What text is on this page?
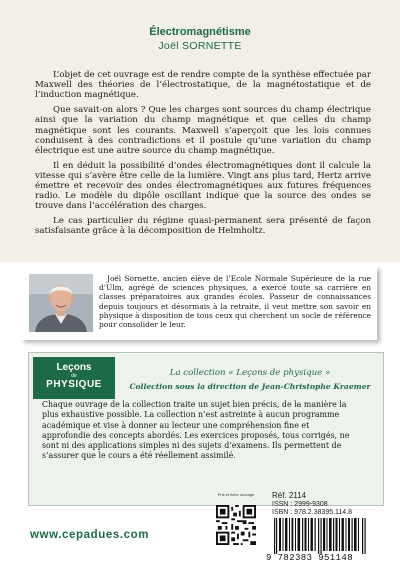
Électromagnétisme
Joël SORNETTE

L’objet de cet ouvrage est de rendre compte de la synthèse effectuée par Maxwell des théories de l’électrostatique, de la magnétostatique et de l’induction magnétique.

Que savait-on alors ? Que les charges sont sources du champ électrique ainsi que la variation du champ magnétique et que celles du champ magnétique sont les courants. Maxwell s’aperçoit que les lois connues conduisent à des contradictions et il postule qu’une variation du champ électrique est une autre source du champ magnétique.

Il en déduit la possibilité d’ondes électromagnétiques dont il calcule la vitesse qui s’avère être celle de la lumière. Vingt ans plus tard, Hertz arrive émettre et recevoir des ondes électromagnétiques aux futures fréquences radio. Le modèle du dipôle oscillant indique que la source des ondes se trouve dans l’accélération des charges.

Le cas particulier du régime quasi-permanent sera présenté de façon satisfaisante grâce à la décomposition de Helmholtz.

Joël Sornette, ancien élève de l’Ecole Normale Supérieure de la rue d’Ulm, agrégé de sciences physiques, a exercé toute sa carrière en classes préparatoires aux grandes écoles. Passeur de connaissances depuis toujours et désormais à la retraite, il veut mettre son savoir en physique à disposition de tous ceux qui cherchent un socle de référence pour consolider le leur.
Leçons
de
PHYSIQUE
La collection « Leçons de physique »
Collection sous la direction de Jean-Christophe Kraemer
Chaque ouvrage de la collection traite un sujet bien précis, de la manière la plus exhaustive possible. La collection n’est astreinte à aucun programme académique et vise à donner au lecteur une compréhension fine et approfondie des concepts abordés. Les exercices proposés, tous corrigés, ne sont ni des applications simples ni des sujets d’examens. Ils permettent de s’assurer que le cours a été réellement assimilé.
www.cepadues.com
Prix et fiche ouvrage	Réf. 2114
ISSN : 2999-9308
ISBN : 978.2.38395.114.8
9 782383 951148
